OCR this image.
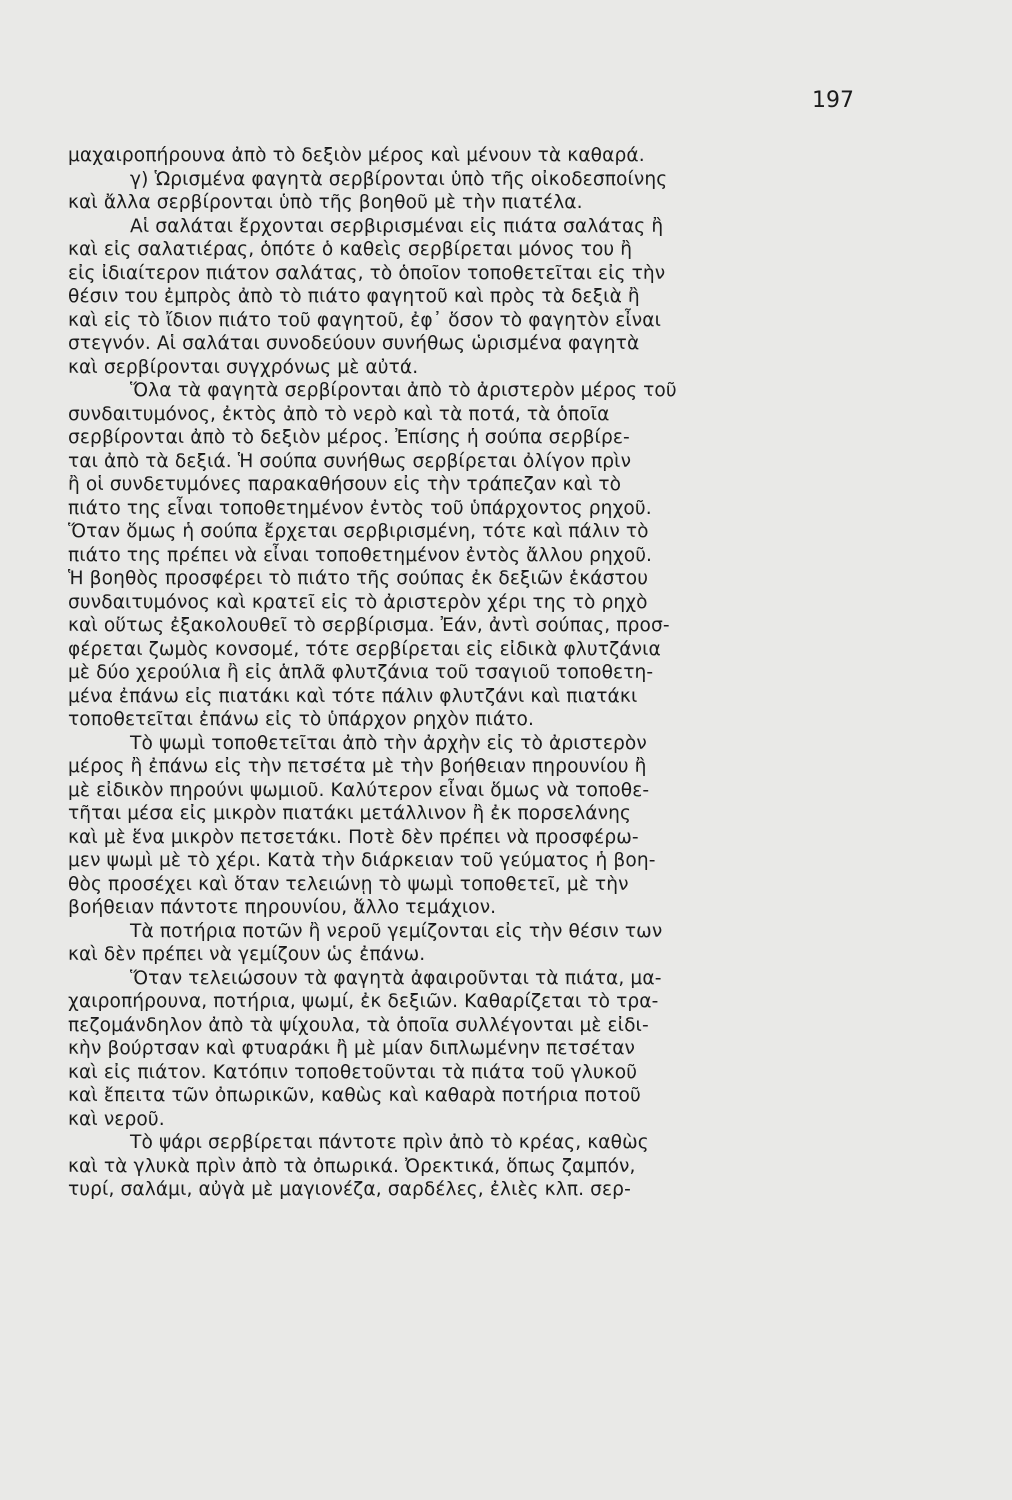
197
μαχαιροπήρουνα ἀπὸ τὸ δεξιὸν μέρος καὶ μένουν τὰ καθαρά.
γ) Ὡρισμένα φαγητὰ σερβίρονται ὑπὸ τῆς οἰκοδεσποίνης
καὶ ἄλλα σερβίρονται ὑπὸ τῆς βοηθοῦ μὲ τὴν πιατέλα.
Αἱ σαλάται ἔρχονται σερβιρισμέναι εἰς πιάτα σαλάτας ἢ
καὶ εἰς σαλατιέρας, ὁπότε ὁ καθεὶς σερβίρεται μόνος του ἢ
εἰς ἰδιαίτερον πιάτον σαλάτας, τὸ ὁποῖον τοποθετεῖται εἰς τὴν
θέσιν του ἐμπρὸς ἀπὸ τὸ πιάτο φαγητοῦ καὶ πρὸς τὰ δεξιὰ ἢ
καὶ εἰς τὸ ἴδιον πιάτο τοῦ φαγητοῦ, ἐφ᾿ ὅσον τὸ φαγητὸν εἶναι
στεγνόν. Αἱ σαλάται συνοδεύουν συνήθως ὡρισμένα φαγητὰ
καὶ σερβίρονται συγχρόνως μὲ αὐτά.
Ὅλα τὰ φαγητὰ σερβίρονται ἀπὸ τὸ ἀριστερὸν μέρος τοῦ
συνδαιτυμόνος, ἐκτὸς ἀπὸ τὸ νερὸ καὶ τὰ ποτά, τὰ ὁποῖα
σερβίρονται ἀπὸ τὸ δεξιὸν μέρος. Ἐπίσης ἡ σούπα σερβίρε-
ται ἀπὸ τὰ δεξιά. Ἡ σούπα συνήθως σερβίρεται ὀλίγον πρὶν
ἢ οἱ συνδετυμόνες παρακαθήσουν εἰς τὴν τράπεζαν καὶ τὸ
πιάτο της εἶναι τοποθετημένον ἐντὸς τοῦ ὑπάρχοντος ρηχοῦ.
Ὅταν ὅμως ἡ σούπα ἔρχεται σερβιρισμένη, τότε καὶ πάλιν τὸ
πιάτο της πρέπει νὰ εἶναι τοποθετημένον ἐντὸς ἄλλου ρηχοῦ.
Ἡ βοηθὸς προσφέρει τὸ πιάτο τῆς σούπας ἐκ δεξιῶν ἑκάστου
συνδαιτυμόνος καὶ κρατεῖ εἰς τὸ ἀριστερὸν χέρι της τὸ ρηχὸ
καὶ οὕτως ἐξακολουθεῖ τὸ σερβίρισμα. Ἐάν, ἀντὶ σούπας, προσ-
φέρεται ζωμὸς κονσομέ, τότε σερβίρεται εἰς εἰδικὰ φλυτζάνια
μὲ δύο χερούλια ἢ εἰς ἁπλᾶ φλυτζάνια τοῦ τσαγιοῦ τοποθετη-
μένα ἐπάνω εἰς πιατάκι καὶ τότε πάλιν φλυτζάνι καὶ πιατάκι
τοποθετεῖται ἐπάνω εἰς τὸ ὑπάρχον ρηχὸν πιάτο.
Τὸ ψωμὶ τοποθετεῖται ἀπὸ τὴν ἀρχὴν εἰς τὸ ἀριστερὸν
μέρος ἢ ἐπάνω εἰς τὴν πετσέτα μὲ τὴν βοήθειαν πηρουνίου ἢ
μὲ εἰδικὸν πηρούνι ψωμιοῦ. Καλύτερον εἶναι ὅμως νὰ τοποθε-
τῆται μέσα εἰς μικρὸν πιατάκι μετάλλινον ἢ ἐκ πορσελάνης
καὶ μὲ ἕνα μικρὸν πετσετάκι. Ποτὲ δὲν πρέπει νὰ προσφέρω-
μεν ψωμὶ μὲ τὸ χέρι. Κατὰ τὴν διάρκειαν τοῦ γεύματος ἡ βοη-
θὸς προσέχει καὶ ὅταν τελειώνῃ τὸ ψωμὶ τοποθετεῖ, μὲ τὴν
βοήθειαν πάντοτε πηρουνίου, ἄλλο τεμάχιον.
Τὰ ποτήρια ποτῶν ἢ νεροῦ γεμίζονται εἰς τὴν θέσιν των
καὶ δὲν πρέπει νὰ γεμίζουν ὡς ἐπάνω.
Ὅταν τελειώσουν τὰ φαγητὰ ἀφαιροῦνται τὰ πιάτα, μα-
χαιροπήρουνα, ποτήρια, ψωμί, ἐκ δεξιῶν. Καθαρίζεται τὸ τρα-
πεζομάνδηλον ἀπὸ τὰ ψίχουλα, τὰ ὁποῖα συλλέγονται μὲ εἰδι-
κὴν βούρτσαν καὶ φτυαράκι ἢ μὲ μίαν διπλωμένην πετσέταν
καὶ εἰς πιάτον. Κατόπιν τοποθετοῦνται τὰ πιάτα τοῦ γλυκοῦ
καὶ ἔπειτα τῶν ὀπωρικῶν, καθὼς καὶ καθαρὰ ποτήρια ποτοῦ
καὶ νεροῦ.
Τὸ ψάρι σερβίρεται πάντοτε πρὶν ἀπὸ τὸ κρέας, καθὼς
καὶ τὰ γλυκὰ πρὶν ἀπὸ τὰ ὀπωρικά. Ὀρεκτικά, ὅπως ζαμπόν,
τυρί, σαλάμι, αὐγὰ μὲ μαγιονέζα, σαρδέλες, ἐλιὲς κλπ. σερ-
